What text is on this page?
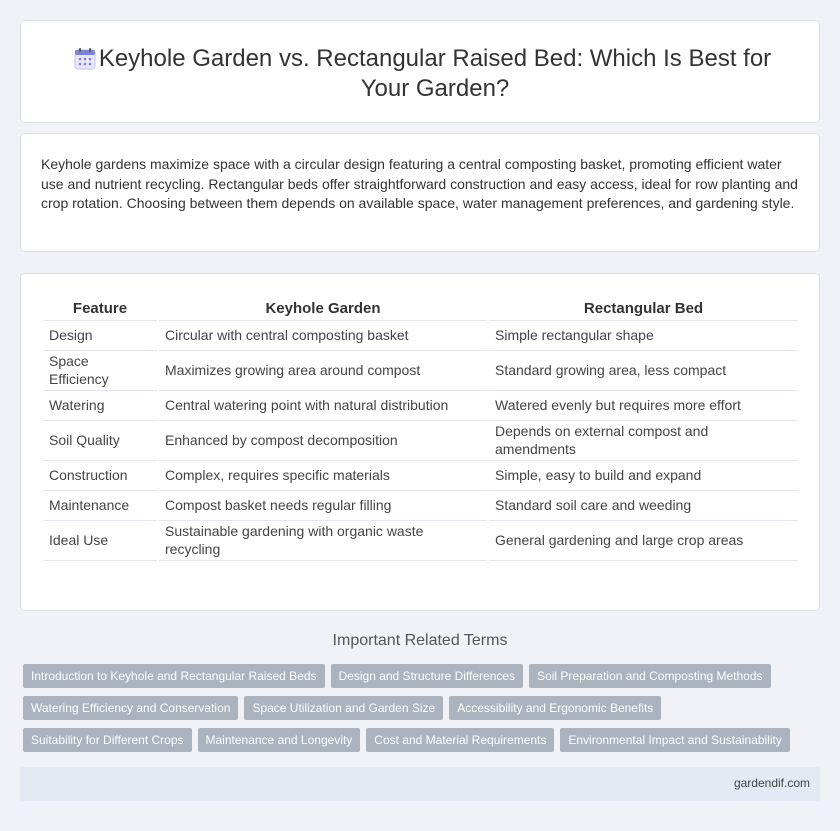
Keyhole Garden vs. Rectangular Raised Bed: Which Is Best for Your Garden?

Keyhole gardens maximize space with a circular design featuring a central composting basket, promoting efficient water use and nutrient recycling. Rectangular beds offer straightforward construction and easy access, ideal for row planting and crop rotation. Choosing between them depends on available space, water management preferences, and gardening style.

Feature	Keyhole Garden	Rectangular Bed
Design	Circular with central composting basket	Simple rectangular shape
Space Efficiency	Maximizes growing area around compost	Standard growing area, less compact
Watering	Central watering point with natural distribution	Watered evenly but requires more effort
Soil Quality	Enhanced by compost decomposition	Depends on external compost and amendments
Construction	Complex, requires specific materials	Simple, easy to build and expand
Maintenance	Compost basket needs regular filling	Standard soil care and weeding
Ideal Use	Sustainable gardening with organic waste recycling	General gardening and large crop areas
Important Related Terms
Introduction to Keyhole and Rectangular Raised Beds	Design and Structure Differences	Soil Preparation and Composting Methods
Watering Efficiency and Conservation	Space Utilization and Garden Size	Accessibility and Ergonomic Benefits
Suitability for Different Crops	Maintenance and Longevity	Cost and Material Requirements	Environmental Impact and Sustainability
gardendif.com
